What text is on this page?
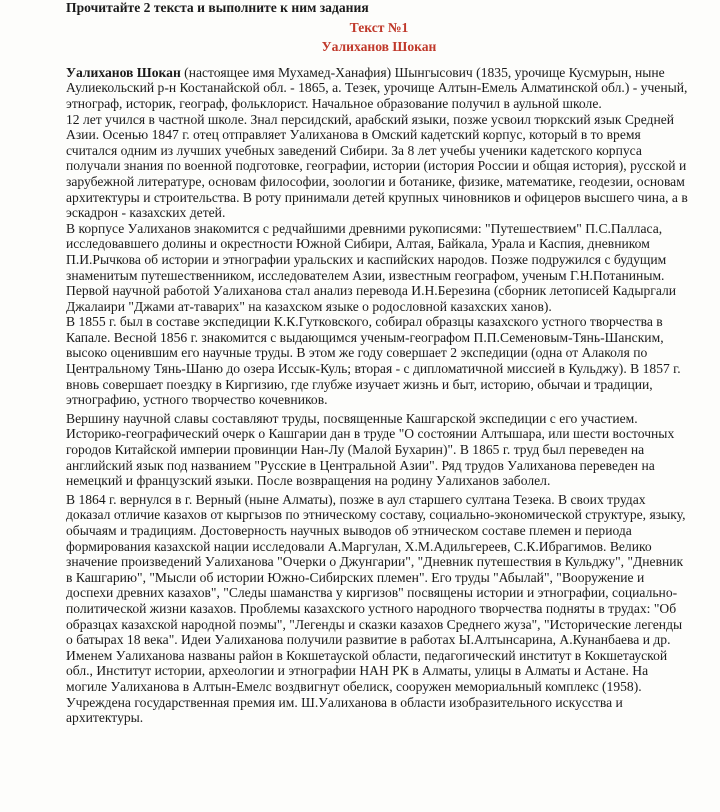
Прочитайте 2 текста и выполните к ним задания
Текст №1
Уалиханов Шокан

Уалиханов Шокан (настоящее имя Мухамед-Ханафия) Шынгысович (1835, урочище Кусмурын, ныне Аулиекольский р-н Костанайской обл. - 1865, а. Тезек, урочище Алтын-Емель Алматинской обл.) - ученый, этнограф, историк, географ, фольклорист. Начальное образование получил в аульной школе.

12 лет учился в частной школе. Знал персидский, арабский языки, позже усвоил тюркский язык Средней Азии. Осенью 1847 г. отец отправляет Уалиханова в Омский кадетский корпус, который в то время считался одним из лучших учебных заведений Сибири. За 8 лет учебы ученики кадетского корпуса получали знания по военной подготовке, географии, истории (история России и общая история), русской и зарубежной литературе, основам философии, зоологии и ботанике, физике, математике, геодезии, основам архитектуры и строительства. В роту принимали детей крупных чиновников и офицеров высшего чина, а в эскадрон - казахских детей.

В корпусе Уалиханов знакомится с редчайшими древними рукописями: "Путешествием" П.С.Палласа, исследовавшего долины и окрестности Южной Сибири, Алтая, Байкала, Урала и Каспия, дневником П.И.Рычкова об истории и этнографии уральских и каспийских народов. Позже подружился с будущим знаменитым путешественником, исследователем Азии, известным географом, ученым Г.Н.Потаниным. Первой научной работой Уалиханова стал анализ перевода И.Н.Березина (сборник летописей Кадыргали Джалаири "Джами ат-таварих" на казахском языке о родословной казахских ханов).

В 1855 г. был в составе экспедиции К.К.Гутковского, собирал образцы казахского устного творчества в Капале. Весной 1856 г. знакомится с выдающимся ученым-географом П.П.Семеновым-Тянь-Шанским, высоко оценившим его научные труды. В этом же году совершает 2 экспедиции (одна от Алаколя по Центральному Тянь-Шаню до озера Иссык-Куль; вторая - с дипломатичной миссией в Кульджу). В 1857 г. вновь совершает поездку в Киргизию, где глубже изучает жизнь и быт, историю, обычаи и традиции, этнографию, устного творчество кочевников.

Вершину научной славы составляют труды, посвященные Кашгарской экспедиции с его участием. Историко-географический очерк о Кашгарии дан в труде "О состоянии Алтышара, или шести восточных городов Китайской империи провинции Нан-Лу (Малой Бухарин)". В 1865 г. труд был переведен на английский язык под названием "Русские в Центральной Азии". Ряд трудов Уалиханова переведен на немецкий и французский языки. После возвращения на родину Уалиханов заболел.

В 1864 г. вернулся в г. Верный (ныне Алматы), позже в аул старшего султана Тезека. В своих трудах доказал отличие казахов от кыргызов по этническому составу, социально-экономической структуре, языку, обычаям и традициям. Достоверность научных выводов об этническом составе племен и периода формирования казахской нации исследовали А.Маргулан, Х.М.Адильгереев, С.К.Ибрагимов. Велико значение произведений Уалиханова "Очерки о Джунгарии", "Дневник путешествия в Кульджу", "Дневник в Кашгарию", "Мысли об истории Южно-Сибирских племен". Его труды "Абылай", "Вооружение и доспехи древних казахов", "Следы шаманства у киргизов" посвящены истории и этнографии, социально-политической жизни казахов. Проблемы казахского устного народного творчества подняты в трудах: "Об образцах казахской народной поэмы", "Легенды и сказки казахов Среднего жуза", "Исторические легенды о батырах 18 века". Идеи Уалиханова получили развитие в работах Ы.Алтынсарина, А.Кунанбаева и др. Именем Уалиханова названы район в Кокшетауской области, педагогический институт в Кокшетауской обл., Институт истории, археологии и этнографии НАН РК в Алматы, улицы в Алматы и Астане. На могиле Уалиханова в Алтын-Емелс воздвигнут обелиск, сооружен мемориальный комплекс (1958). Учреждена государственная премия им. Ш.Уалиханова в области изобразительного искусства и архитектуры.
